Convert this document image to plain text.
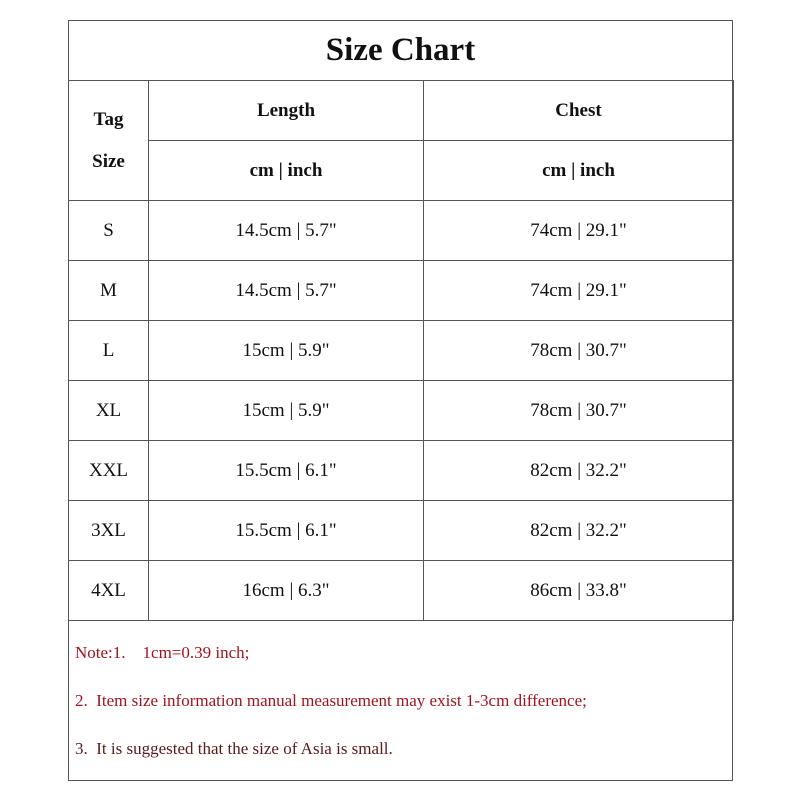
Size Chart
Tag
Size	Length	Chest
	cm | inch	cm | inch
S	14.5cm | 5.7"	74cm | 29.1"
M	14.5cm | 5.7"	74cm | 29.1"
L	15cm | 5.9"	78cm | 30.7"
XL	15cm | 5.9"	78cm | 30.7"
XXL	15.5cm | 6.1"	82cm | 32.2"
3XL	15.5cm | 6.1"	82cm | 32.2"
4XL	16cm | 6.3"	86cm | 33.8"
Note:1.    1cm=0.39 inch;
2.  Item size information manual measurement may exist 1-3cm difference;
3.  It is suggested that the size of Asia is small.
